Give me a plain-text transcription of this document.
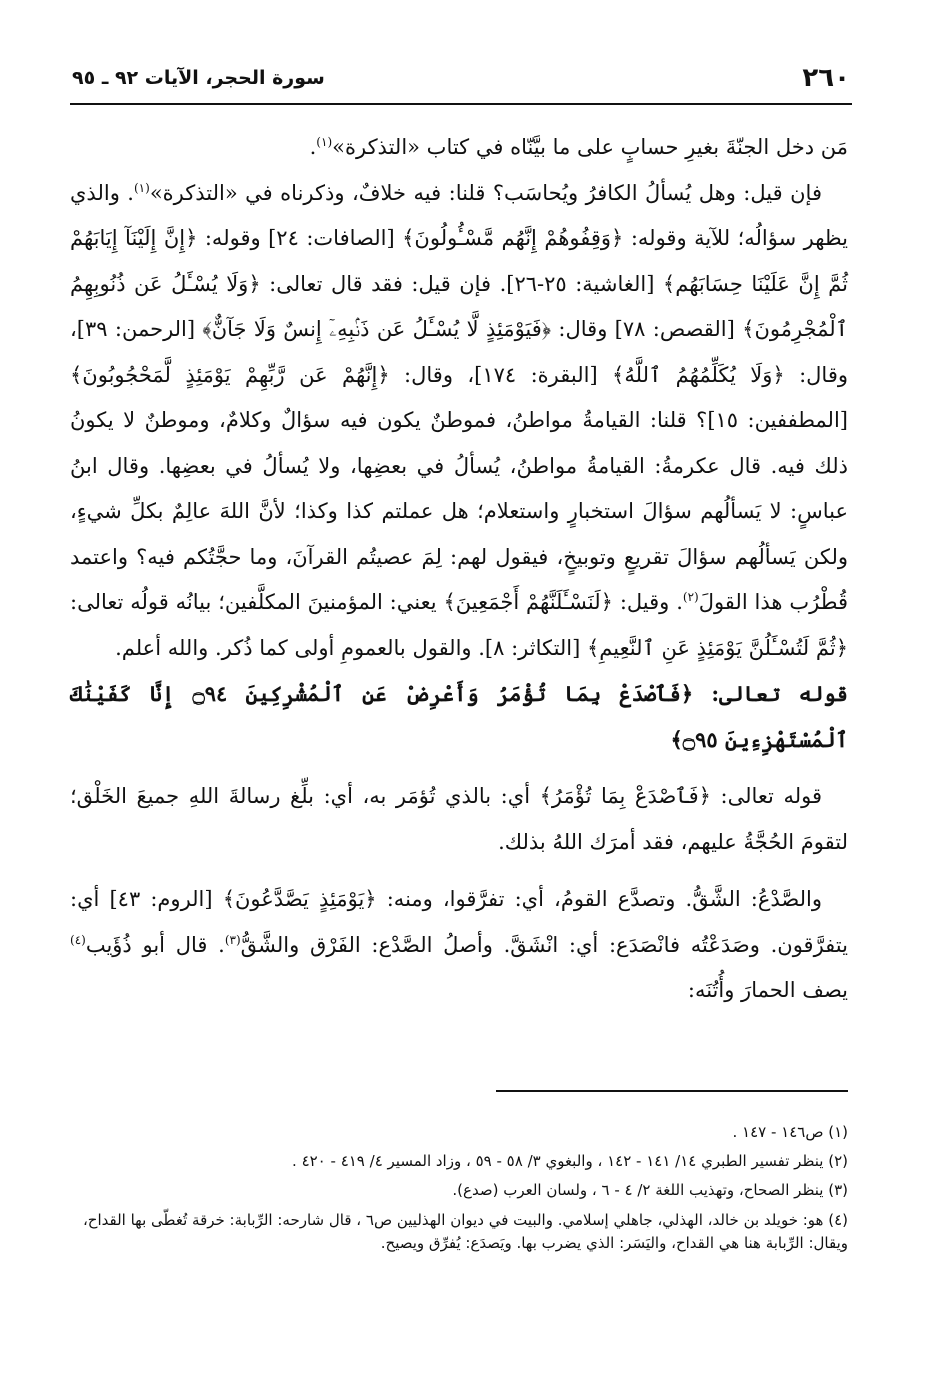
٢٦٠
سورة الحجر، الآيات ٩٢ ـ ٩٥

مَن دخل الجنّةَ بغيرِ حسابٍ على ما بيَّنّاه في كتاب «التذكرة»$^{(١)}$.

فإن قيل: وهل يُسألُ الكافرُ ويُحاسَب؟ قلنا: فيه خلافٌ، وذكرناه في «التذكرة»$^{(١)}$. والذي يظهر سؤالُه؛ للآية وقوله: ﴿وَقِفُوهُمْ إِنَّهُم مَّسْـُٔولُونَ﴾ [الصافات: ٢٤] وقوله: ﴿إِنَّ إِلَيْنَآ إِيَابَهُمْ ثُمَّ إِنَّ عَلَيْنَا حِسَابَهُم﴾ [الغاشية: ٢٥-٢٦]. فإن قيل: فقد قال تعالى: ﴿وَلَا يُسْـَٔلُ عَن ذُنُوبِهِمُ ٱلْمُجْرِمُونَ﴾ [القصص: ٧٨] وقال: ﴿فَيَوْمَئِذٍ لَّا يُسْـَٔلُ عَن ذَنۢبِهِۦٓ إِنسٌ وَلَا جَآنٌّ﴾ [الرحمن: ٣٩]، وقال: ﴿وَلَا يُكَلِّمُهُمُ ٱللَّهُ﴾ [البقرة: ١٧٤]، وقال: ﴿إِنَّهُمْ عَن رَّبِّهِمْ يَوْمَئِذٍ لَّمَحْجُوبُونَ﴾ [المطففين: ١٥]؟ قلنا: القيامةُ مواطنُ، فموطنٌ يكون فيه سؤالٌ وكلامٌ، وموطنٌ لا يكونُ ذلك فيه. قال عكرمةُ: القيامةُ مواطنُ، يُسألُ في بعضِها، ولا يُسألُ في بعضِها. وقال ابنُ عباسٍ: لا يَسألُهم سؤالَ استخبارٍ واستعلام؛ هل عملتم كذا وكذا؛ لأنَّ اللهَ عالِمٌ بكلِّ شيءٍ، ولكن يَسألُهم سؤالَ تقريعٍ وتوبيخٍ، فيقول لهم: لِمَ عصيتُم القرآنَ، وما حجَّتُكم فيه؟ واعتمد قُطْرُب هذا القولَ$^{(٢)}$. وقيل: ﴿لَنَسْـَٔلَنَّهُمْ أَجْمَعِينَ﴾ يعني: المؤمنينَ المكلَّفين؛ بيانُه قولُه تعالى: ﴿ثُمَّ لَتُسْـَٔلُنَّ يَوْمَئِذٍ عَنِ ٱلنَّعِيمِ﴾ [التكاثر: ٨]. والقول بالعمومِ أولى كما ذُكر. والله أعلم.

قوله تعالى: ﴿فَٱصْدَعْ بِمَا تُؤْمَرُ وَأَعْرِضْ عَنِ ٱلْمُشْرِكِينَ ۝٩٤ إِنَّا كَفَيْنَٰكَ ٱلْمُسْتَهْزِءِينَ ۝٩٥﴾

قوله تعالى: ﴿فَٱصْدَعْ بِمَا تُؤْمَرُ﴾ أي: بالذي تُؤمَر به، أي: بلِّغ رسالةَ اللهِ جميعَ الخَلْق؛ لتقومَ الحُجَّةُ عليهم، فقد أمرَك اللهُ بذلك.

والصَّدْعُ: الشَّقُّ. وتصدَّع القومُ، أي: تفرَّقوا، ومنه: ﴿يَوْمَئِذٍ يَصَّدَّعُونَ﴾ [الروم: ٤٣] أي: يتفرَّقون. وصَدَعْتُه فانْصَدَع: أي: انْشَقَّ. وأصلُ الصَّدْع: الفَرْق والشَّقُّ$^{(٣)}$. قال أبو ذُؤَيب$^{(٤)}$ يصف الحمارَ وأُتُنَه:

(١) ص١٤٦ - ١٤٧ .

(٢) ينظر تفسير الطبري ١٤/ ١٤١ - ١٤٢ ، والبغوي ٣/ ٥٨ - ٥٩ ، وزاد المسير ٤/ ٤١٩ - ٤٢٠ .

(٣) ينظر الصحاح، وتهذيب اللغة ٢/ ٤ - ٦ ، ولسان العرب (صدع).

(٤) هو: خويلد بن خالد، الهذلي، جاهلي إسلامي. والبيت في ديوان الهذليين ص٦ ، قال شارحه: الرِّبابة: خرقة تُغطّى بها القداح، ويقال: الرِّبابة هنا هي القداح، واليَسَر: الذي يضرب بها. ويَصدَع: يُفرِّق ويصيح.
